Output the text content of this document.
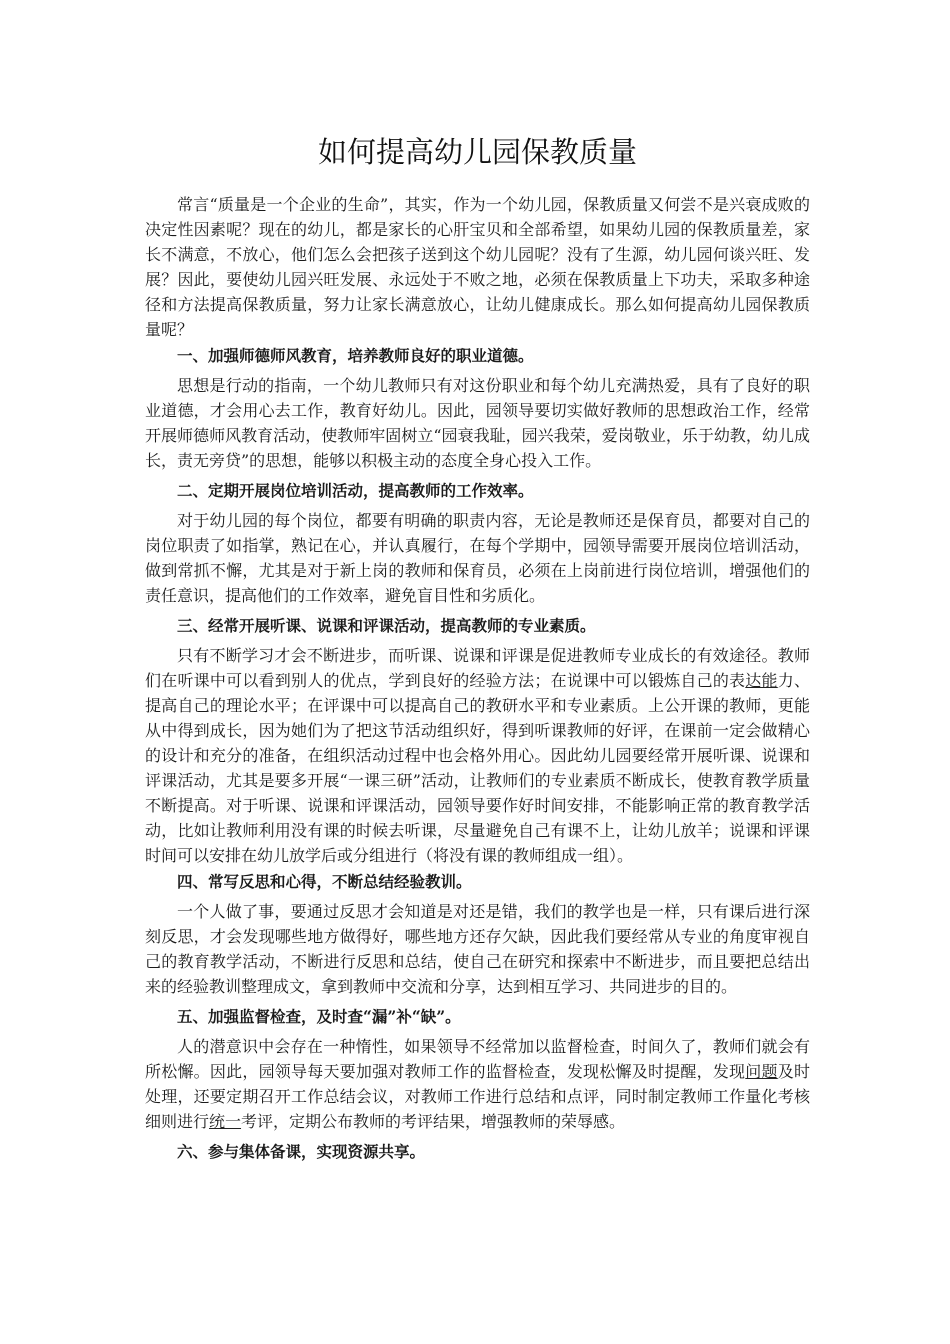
如何提高幼儿园保教质量

常言“质量是一个企业的生命”，其实，作为一个幼儿园，保教质量又何尝不是兴衰成败的决定性因素呢？现在的幼儿，都是家长的心肝宝贝和全部希望，如果幼儿园的保教质量差，家长不满意，不放心，他们怎么会把孩子送到这个幼儿园呢？没有了生源，幼儿园何谈兴旺、发展？因此，要使幼儿园兴旺发展、永远处于不败之地，必须在保教质量上下功夫，采取多种途径和方法提高保教质量，努力让家长满意放心，让幼儿健康成长。那么如何提高幼儿园保教质量呢？

一、加强师德师风教育，培养教师良好的职业道德。

思想是行动的指南，一个幼儿教师只有对这份职业和每个幼儿充满热爱，具有了良好的职业道德，才会用心去工作，教育好幼儿。因此，园领导要切实做好教师的思想政治工作，经常开展师德师风教育活动，使教师牢固树立“园衰我耻，园兴我荣，爱岗敬业，乐于幼教，幼儿成长，责无旁贷”的思想，能够以积极主动的态度全身心投入工作。

二、定期开展岗位培训活动，提高教师的工作效率。

对于幼儿园的每个岗位，都要有明确的职责内容，无论是教师还是保育员，都要对自己的岗位职责了如指掌，熟记在心，并认真履行，在每个学期中，园领导需要开展岗位培训活动，做到常抓不懈，尤其是对于新上岗的教师和保育员，必须在上岗前进行岗位培训，增强他们的责任意识，提高他们的工作效率，避免盲目性和劣质化。

三、经常开展听课、说课和评课活动，提高教师的专业素质。

只有不断学习才会不断进步，而听课、说课和评课是促进教师专业成长的有效途径。教师们在听课中可以看到别人的优点，学到良好的经验方法；在说课中可以锻炼自己的表达能力、提高自己的理论水平；在评课中可以提高自己的教研水平和专业素质。上公开课的教师，更能从中得到成长，因为她们为了把这节活动组织好，得到听课教师的好评，在课前一定会做精心的设计和充分的准备，在组织活动过程中也会格外用心。因此幼儿园要经常开展听课、说课和评课活动，尤其是要多开展“一课三研”活动，让教师们的专业素质不断成长，使教育教学质量不断提高。对于听课、说课和评课活动，园领导要作好时间安排，不能影响正常的教育教学活动，比如让教师利用没有课的时候去听课，尽量避免自己有课不上，让幼儿放羊；说课和评课时间可以安排在幼儿放学后或分组进行（将没有课的教师组成一组）。

四、常写反思和心得，不断总结经验教训。

一个人做了事，要通过反思才会知道是对还是错，我们的教学也是一样，只有课后进行深刻反思，才会发现哪些地方做得好，哪些地方还存欠缺，因此我们要经常从专业的角度审视自己的教育教学活动，不断进行反思和总结，使自己在研究和探索中不断进步，而且要把总结出来的经验教训整理成文，拿到教师中交流和分享，达到相互学习、共同进步的目的。

五、加强监督检查，及时查“漏”补“缺”。

人的潜意识中会存在一种惰性，如果领导不经常加以监督检查，时间久了，教师们就会有所松懈。因此，园领导每天要加强对教师工作的监督检查，发现松懈及时提醒，发现问题及时处理，还要定期召开工作总结会议，对教师工作进行总结和点评，同时制定教师工作量化考核细则进行统一考评，定期公布教师的考评结果，增强教师的荣辱感。

六、参与集体备课，实现资源共享。
